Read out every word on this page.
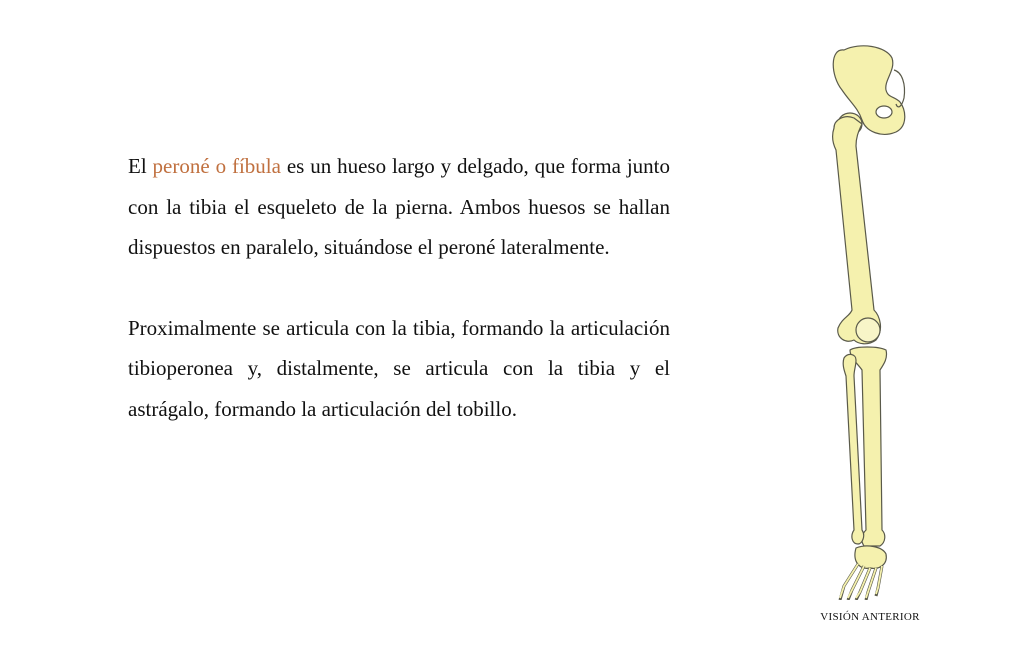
El peroné o fíbula es un hueso largo y delgado, que forma junto con la tibia el esqueleto de la pierna. Ambos huesos se hallan dispuestos en paralelo, situándose el peroné lateralmente.

Proximalmente se articula con la tibia, formando la articulación tibioperonea y, distalmente, se articula con la tibia y el astrágalo, formando la articulación del tobillo.

VISIÓN ANTERIOR
